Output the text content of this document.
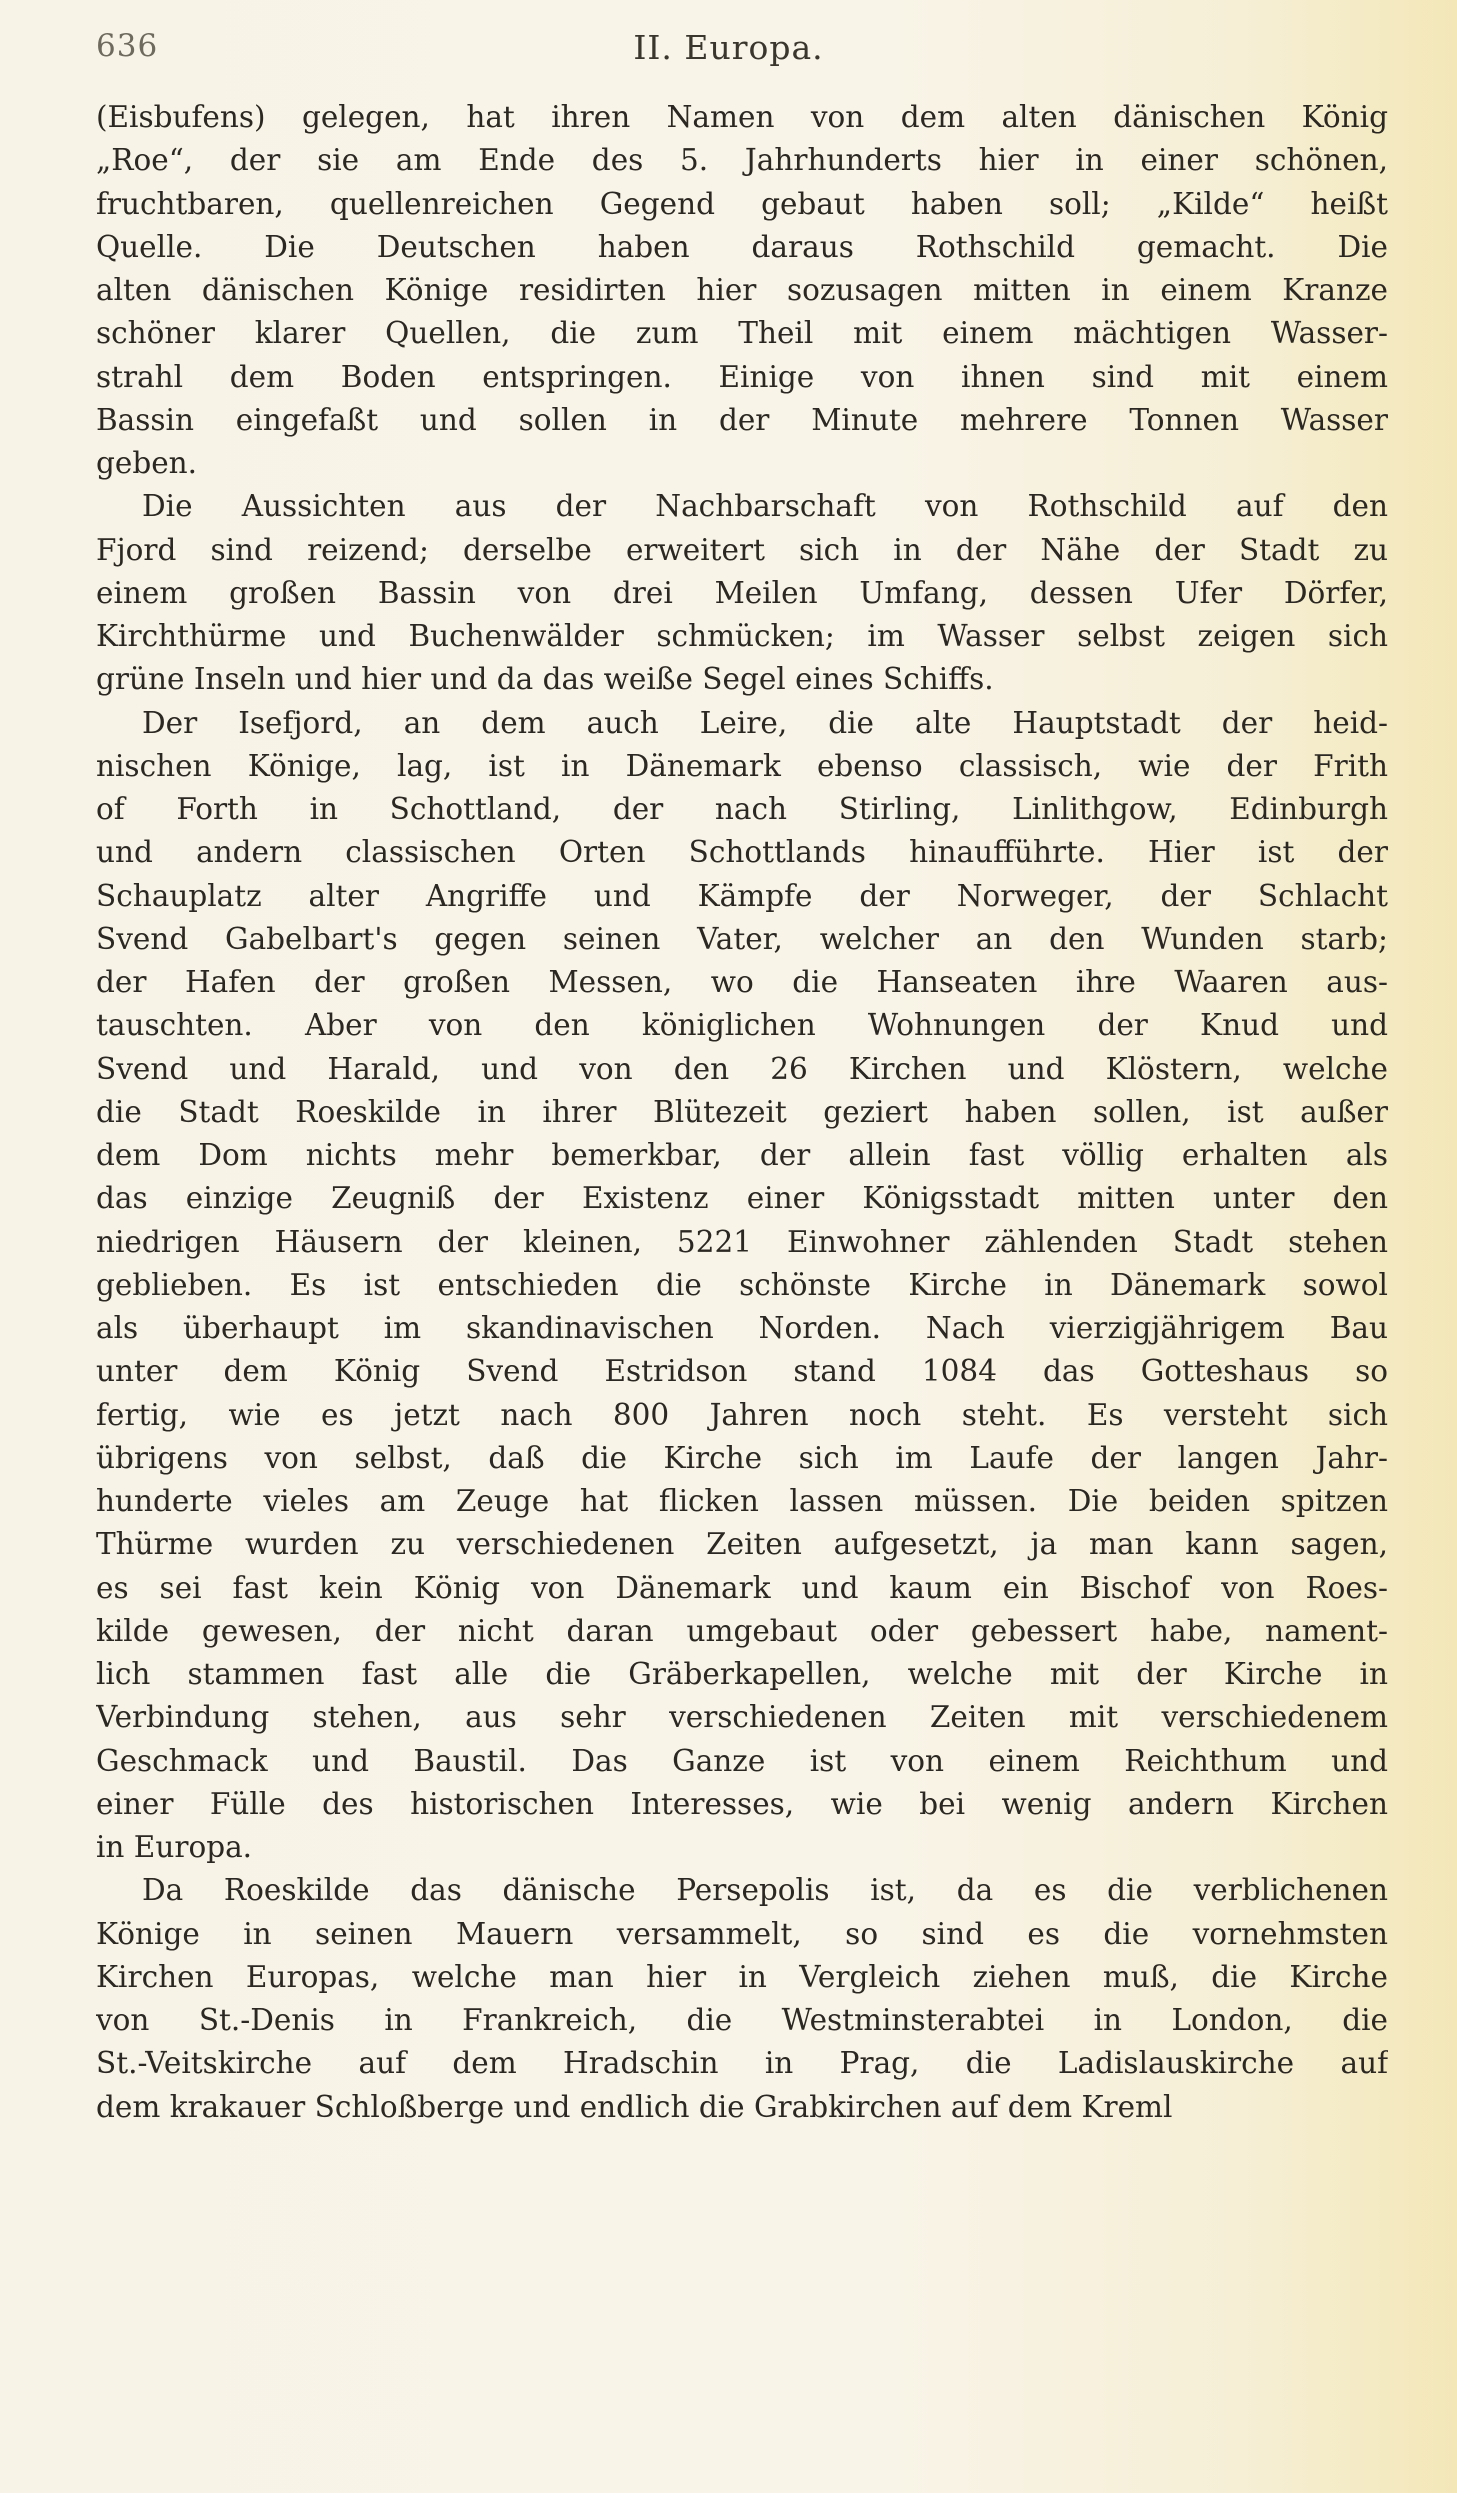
636	II. Europa.
(Eisbufens) gelegen, hat ihren Namen von dem alten dänischen König
„Roe“, der sie am Ende des 5. Jahrhunderts hier in einer schönen,
fruchtbaren, quellenreichen Gegend gebaut haben soll; „Kilde“ heißt
Quelle. Die Deutschen haben daraus Rothschild gemacht. Die
alten dänischen Könige residirten hier sozusagen mitten in einem Kranze
schöner klarer Quellen, die zum Theil mit einem mächtigen Wasser-
strahl dem Boden entspringen. Einige von ihnen sind mit einem
Bassin eingefaßt und sollen in der Minute mehrere Tonnen Wasser
geben.
Die Aussichten aus der Nachbarschaft von Rothschild auf den
Fjord sind reizend; derselbe erweitert sich in der Nähe der Stadt zu
einem großen Bassin von drei Meilen Umfang, dessen Ufer Dörfer,
Kirchthürme und Buchenwälder schmücken; im Wasser selbst zeigen sich
grüne Inseln und hier und da das weiße Segel eines Schiffs.
Der Isefjord, an dem auch Leire, die alte Hauptstadt der heid-
nischen Könige, lag, ist in Dänemark ebenso classisch, wie der Frith
of Forth in Schottland, der nach Stirling, Linlithgow, Edinburgh
und andern classischen Orten Schottlands hinaufführte. Hier ist der
Schauplatz alter Angriffe und Kämpfe der Norweger, der Schlacht
Svend Gabelbart's gegen seinen Vater, welcher an den Wunden starb;
der Hafen der großen Messen, wo die Hanseaten ihre Waaren aus-
tauschten. Aber von den königlichen Wohnungen der Knud und
Svend und Harald, und von den 26 Kirchen und Klöstern, welche
die Stadt Roeskilde in ihrer Blütezeit geziert haben sollen, ist außer
dem Dom nichts mehr bemerkbar, der allein fast völlig erhalten als
das einzige Zeugniß der Existenz einer Königsstadt mitten unter den
niedrigen Häusern der kleinen, 5221 Einwohner zählenden Stadt stehen
geblieben. Es ist entschieden die schönste Kirche in Dänemark sowol
als überhaupt im skandinavischen Norden. Nach vierzigjährigem Bau
unter dem König Svend Estridson stand 1084 das Gotteshaus so
fertig, wie es jetzt nach 800 Jahren noch steht. Es versteht sich
übrigens von selbst, daß die Kirche sich im Laufe der langen Jahr-
hunderte vieles am Zeuge hat flicken lassen müssen. Die beiden spitzen
Thürme wurden zu verschiedenen Zeiten aufgesetzt, ja man kann sagen,
es sei fast kein König von Dänemark und kaum ein Bischof von Roes-
kilde gewesen, der nicht daran umgebaut oder gebessert habe, nament-
lich stammen fast alle die Gräberkapellen, welche mit der Kirche in
Verbindung stehen, aus sehr verschiedenen Zeiten mit verschiedenem
Geschmack und Baustil. Das Ganze ist von einem Reichthum und
einer Fülle des historischen Interesses, wie bei wenig andern Kirchen
in Europa.
Da Roeskilde das dänische Persepolis ist, da es die verblichenen
Könige in seinen Mauern versammelt, so sind es die vornehmsten
Kirchen Europas, welche man hier in Vergleich ziehen muß, die Kirche
von St.-Denis in Frankreich, die Westminsterabtei in London, die
St.-Veitskirche auf dem Hradschin in Prag, die Ladislauskirche auf
dem krakauer Schloßberge und endlich die Grabkirchen auf dem Kreml
